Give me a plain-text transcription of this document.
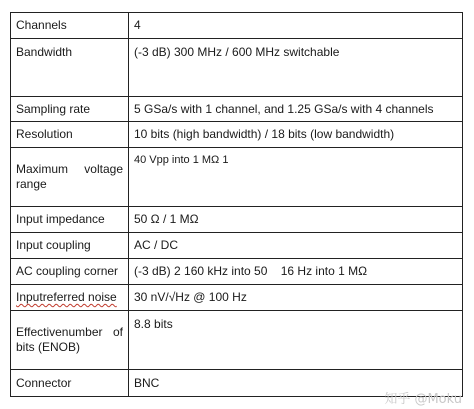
Channels	4
Bandwidth	(-3 dB) 300 MHz / 600 MHz switchable
Sampling rate	5 GSa/s with 1 channel, and 1.25 GSa/s with 4 channels
Resolution	10 bits (high bandwidth) / 18 bits (low bandwidth)
Maximum voltage range	40 Vpp into 1 MΩ 1
Input impedance	50 Ω / 1 MΩ
Input coupling	AC / DC
AC coupling corner	(-3 dB) 2 160 kHz into 50    16 Hz into 1 MΩ
Inputreferred noise	30 nV/√Hz @ 100 Hz
Effectivenumber of bits (ENOB)	8.8 bits
Connector	BNC
知乎 @Moku
